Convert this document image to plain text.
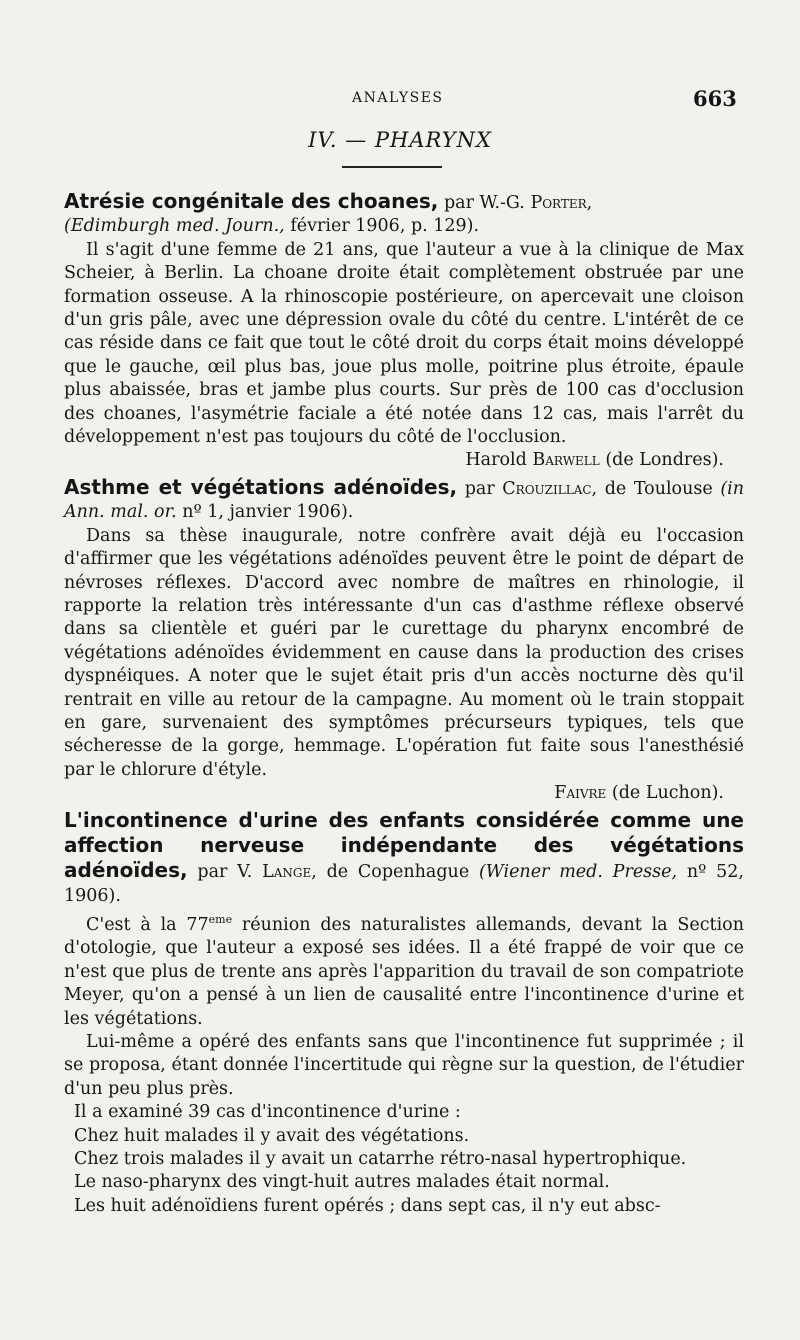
ANALYSES	663
IV. — PHARYNX

Atrésie congénitale des choanes, par W.-G. Porter,
(Edimburgh med. Journ., février 1906, p. 129).

Il s'agit d'une femme de 21 ans, que l'auteur a vue à la clinique de Max Scheier, à Berlin. La choane droite était complètement obstruée par une formation osseuse. A la rhinoscopie postérieure, on apercevait une cloison d'un gris pâle, avec une dépression ovale du côté du centre. L'intérêt de ce cas réside dans ce fait que tout le côté droit du corps était moins développé que le gauche, œil plus bas, joue plus molle, poitrine plus étroite, épaule plus abaissée, bras et jambe plus courts. Sur près de 100 cas d'occlusion des choanes, l'asymétrie faciale a été notée dans 12 cas, mais l'arrêt du développement n'est pas toujours du côté de l'occlusion.

Harold Barwell (de Londres).

Asthme et végétations adénoïdes, par Crouzillac, de Toulouse (in Ann. mal. or. nº 1, janvier 1906).

Dans sa thèse inaugurale, notre confrère avait déjà eu l'occasion d'affirmer que les végétations adénoïdes peuvent être le point de départ de névroses réflexes. D'accord avec nombre de maîtres en rhinologie, il rapporte la relation très intéressante d'un cas d'asthme réflexe observé dans sa clientèle et guéri par le curettage du pharynx encombré de végétations adénoïdes évidemment en cause dans la production des crises dyspnéiques. A noter que le sujet était pris d'un accès nocturne dès qu'il rentrait en ville au retour de la campagne. Au moment où le train stoppait en gare, survenaient des symptômes précurseurs typiques, tels que sécheresse de la gorge, hemmage. L'opération fut faite sous l'anesthésié par le chlorure d'étyle.

Faivre (de Luchon).

L'incontinence d'urine des enfants considérée comme une affection nerveuse indépendante des végétations adénoïdes, par V. Lange, de Copenhague (Wiener med. Presse, nº 52, 1906).

C'est à la 77eme réunion des naturalistes allemands, devant la Section d'otologie, que l'auteur a exposé ses idées. Il a été frappé de voir que ce n'est que plus de trente ans après l'apparition du travail de son compatriote Meyer, qu'on a pensé à un lien de causalité entre l'incontinence d'urine et les végétations.

Lui-même a opéré des enfants sans que l'incontinence fut supprimée ; il se proposa, étant donnée l'incertitude qui règne sur la question, de l'étudier d'un peu plus près.

Il a examiné 39 cas d'incontinence d'urine :

Chez huit malades il y avait des végétations.

Chez trois malades il y avait un catarrhe rétro-nasal hypertrophique.

Le naso-pharynx des vingt-huit autres malades était normal.

Les huit adénoïdiens furent opérés ; dans sept cas, il n'y eut absc-
